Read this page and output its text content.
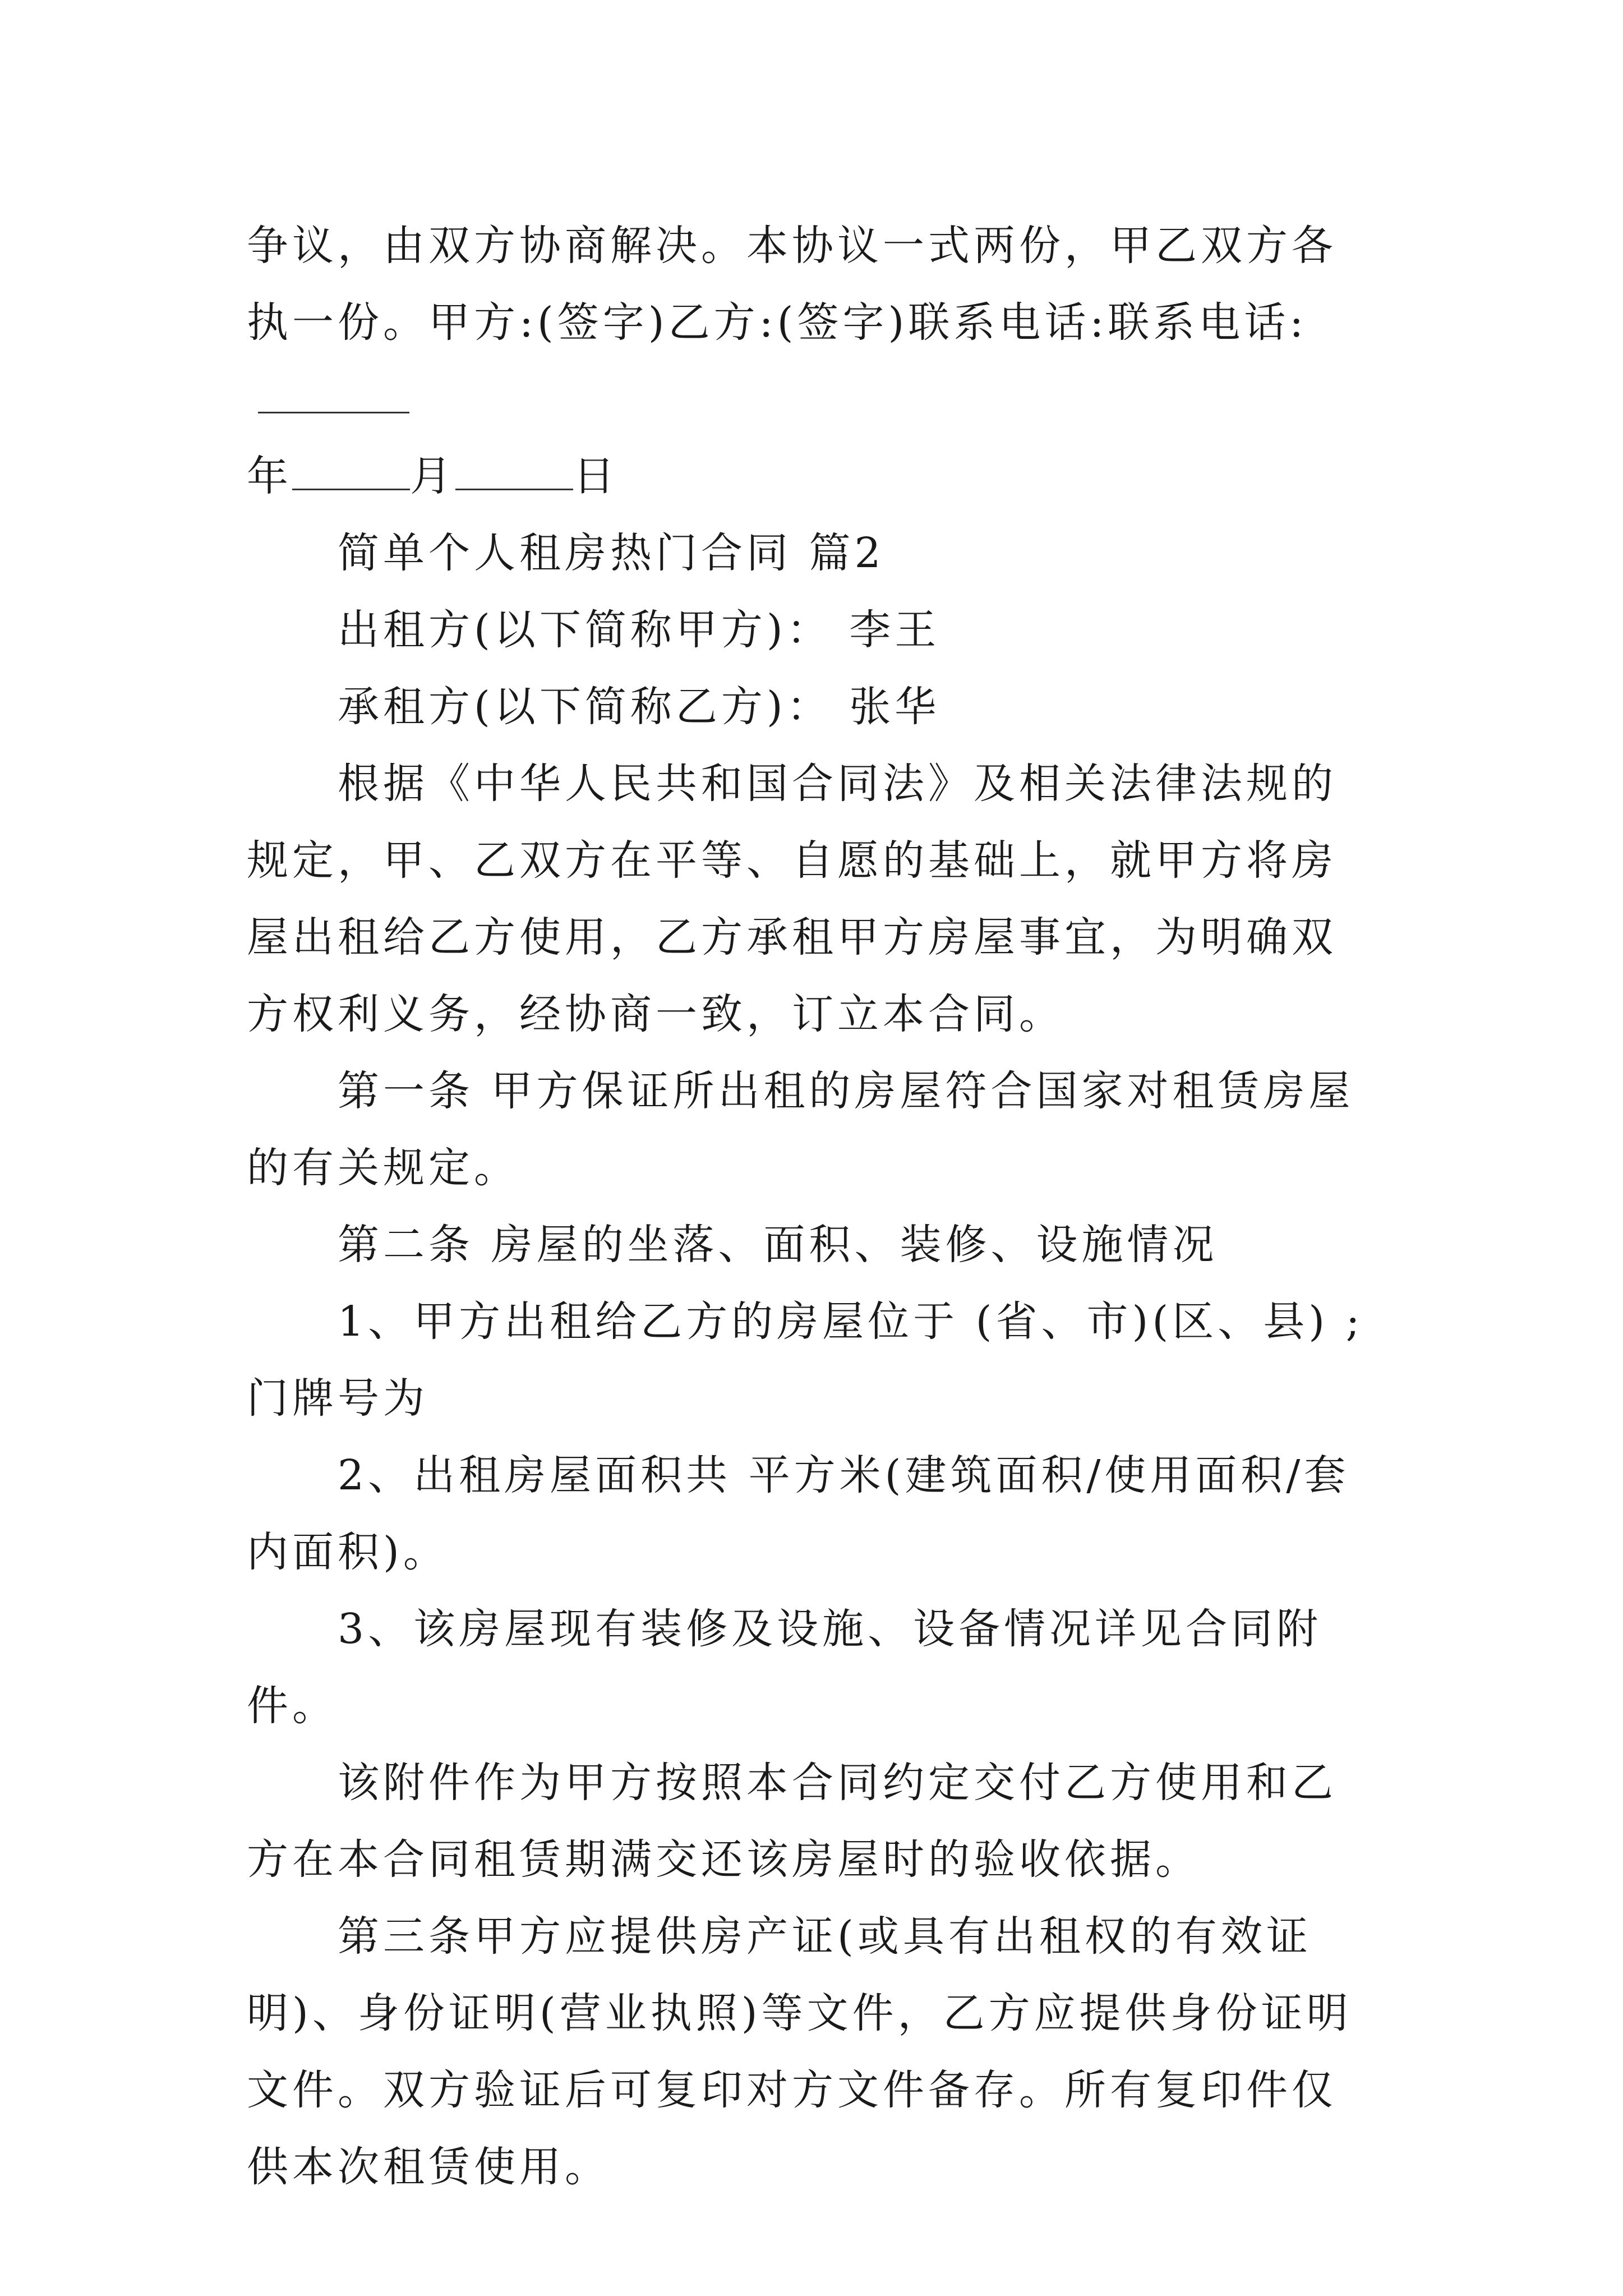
争议，由双方协商解决。本协议一式两份，甲乙双方各执一份。甲方:(签字)乙方:(签字)联系电话:联系电话:
年	月	日

简单个人租房热门合同 篇2

出租方(以下简称甲方)： 李王

承租方(以下简称乙方)： 张华

根据《中华人民共和国合同法》及相关法律法规的规定，甲、乙双方在平等、自愿的基础上，就甲方将房屋出租给乙方使用，乙方承租甲方房屋事宜，为明确双方权利义务，经协商一致，订立本合同。

第一条 甲方保证所出租的房屋符合国家对租赁房屋的有关规定。

第二条 房屋的坐落、面积、装修、设施情况

1、甲方出租给乙方的房屋位于 (省、市)(区、县) ;门牌号为

2、出租房屋面积共 平方米(建筑面积/使用面积/套内面积)。

3、该房屋现有装修及设施、设备情况详见合同附件。

该附件作为甲方按照本合同约定交付乙方使用和乙方在本合同租赁期满交还该房屋时的验收依据。

第三条甲方应提供房产证(或具有出租权的有效证明)、身份证明(营业执照)等文件，乙方应提供身份证明文件。双方验证后可复印对方文件备存。所有复印件仅供本次租赁使用。
